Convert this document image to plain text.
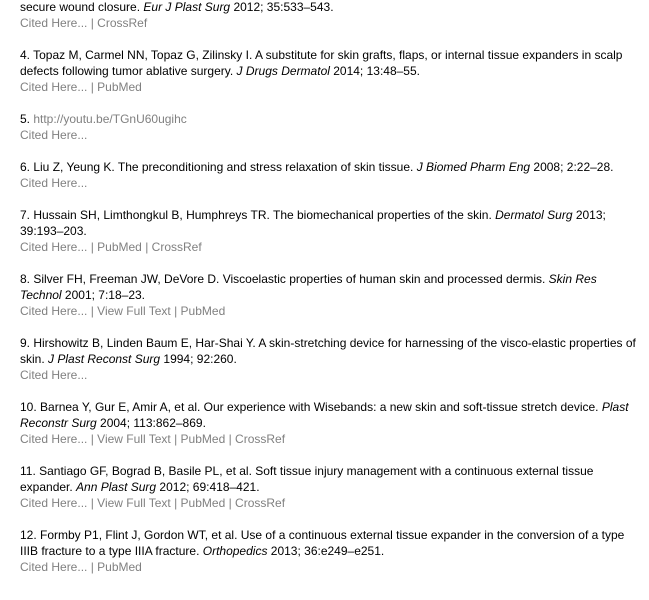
secure wound closure. Eur J Plast Surg 2012; 35:533–543.
Cited Here... | CrossRef
4. Topaz M, Carmel NN, Topaz G, Zilinsky I. A substitute for skin grafts, flaps, or internal tissue expanders in scalp defects following tumor ablative surgery. J Drugs Dermatol 2014; 13:48–55.
Cited Here... | PubMed
5. http://youtu.be/TGnU60ugihc
Cited Here...
6. Liu Z, Yeung K. The preconditioning and stress relaxation of skin tissue. J Biomed Pharm Eng 2008; 2:22–28.
Cited Here...
7. Hussain SH, Limthongkul B, Humphreys TR. The biomechanical properties of the skin. Dermatol Surg 2013; 39:193–203.
Cited Here... | PubMed | CrossRef
8. Silver FH, Freeman JW, DeVore D. Viscoelastic properties of human skin and processed dermis. Skin Res Technol 2001; 7:18–23.
Cited Here... | View Full Text | PubMed
9. Hirshowitz B, Linden Baum E, Har-Shai Y. A skin-stretching device for harnessing of the visco-elastic properties of skin. J Plast Reconst Surg 1994; 92:260.
Cited Here...
10. Barnea Y, Gur E, Amir A, et al. Our experience with Wisebands: a new skin and soft-tissue stretch device. Plast Reconstr Surg 2004; 113:862–869.
Cited Here... | View Full Text | PubMed | CrossRef
11. Santiago GF, Bograd B, Basile PL, et al. Soft tissue injury management with a continuous external tissue expander. Ann Plast Surg 2012; 69:418–421.
Cited Here... | View Full Text | PubMed | CrossRef
12. Formby P1, Flint J, Gordon WT, et al. Use of a continuous external tissue expander in the conversion of a type IIIB fracture to a type IIIA fracture. Orthopedics 2013; 36:e249–e251.
Cited Here... | PubMed
